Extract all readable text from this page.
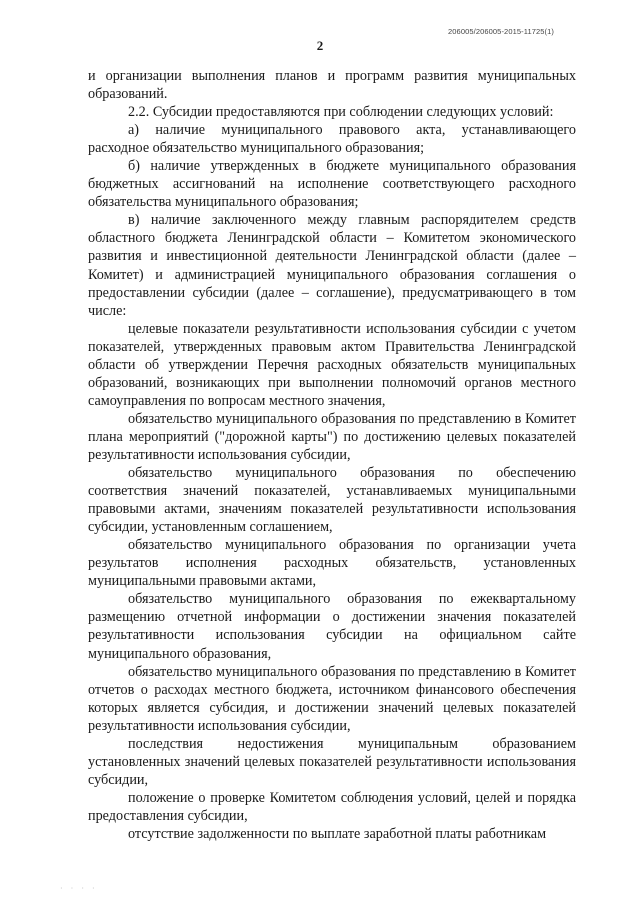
206005/206005-2015-11725(1)
2

и организации выполнения планов и программ развития муниципальных образований.

2.2. Субсидии предоставляются при соблюдении следующих условий:

а) наличие муниципального правового акта, устанавливающего расходное обязательство муниципального образования;

б) наличие утвержденных в бюджете муниципального образования бюджетных ассигнований на исполнение соответствующего расходного обязательства муниципального образования;

в) наличие заключенного между главным распорядителем средств областного бюджета Ленинградской области – Комитетом экономического развития и инвестиционной деятельности Ленинградской области (далее – Комитет) и администрацией муниципального образования соглашения о предоставлении субсидии (далее – соглашение), предусматривающего в том числе:

целевые показатели результативности использования субсидии с учетом показателей, утвержденных правовым актом Правительства Ленинградской области об утверждении Перечня расходных обязательств муниципальных образований, возникающих при выполнении полномочий органов местного самоуправления по вопросам местного значения,

обязательство муниципального образования по представлению в Комитет плана мероприятий ("дорожной карты") по достижению целевых показателей результативности использования субсидии,

обязательство муниципального образования по обеспечению соответствия значений показателей, устанавливаемых муниципальными правовыми актами, значениям показателей результативности использования субсидии, установленным соглашением,

обязательство муниципального образования по организации учета результатов исполнения расходных обязательств, установленных муниципальными правовыми актами,

обязательство муниципального образования по ежеквартальному размещению отчетной информации о достижении значения показателей результативности использования субсидии на официальном сайте муниципального образования,

обязательство муниципального образования по представлению в Комитет отчетов о расходах местного бюджета, источником финансового обеспечения которых является субсидия, и достижении значений целевых показателей результативности использования субсидии,

последствия недостижения муниципальным образованием установленных значений целевых показателей результативности использования субсидии,

положение о проверке Комитетом соблюдения условий, целей и порядка предоставления субсидии,

отсутствие задолженности по выплате заработной платы работникам

· · · ·
